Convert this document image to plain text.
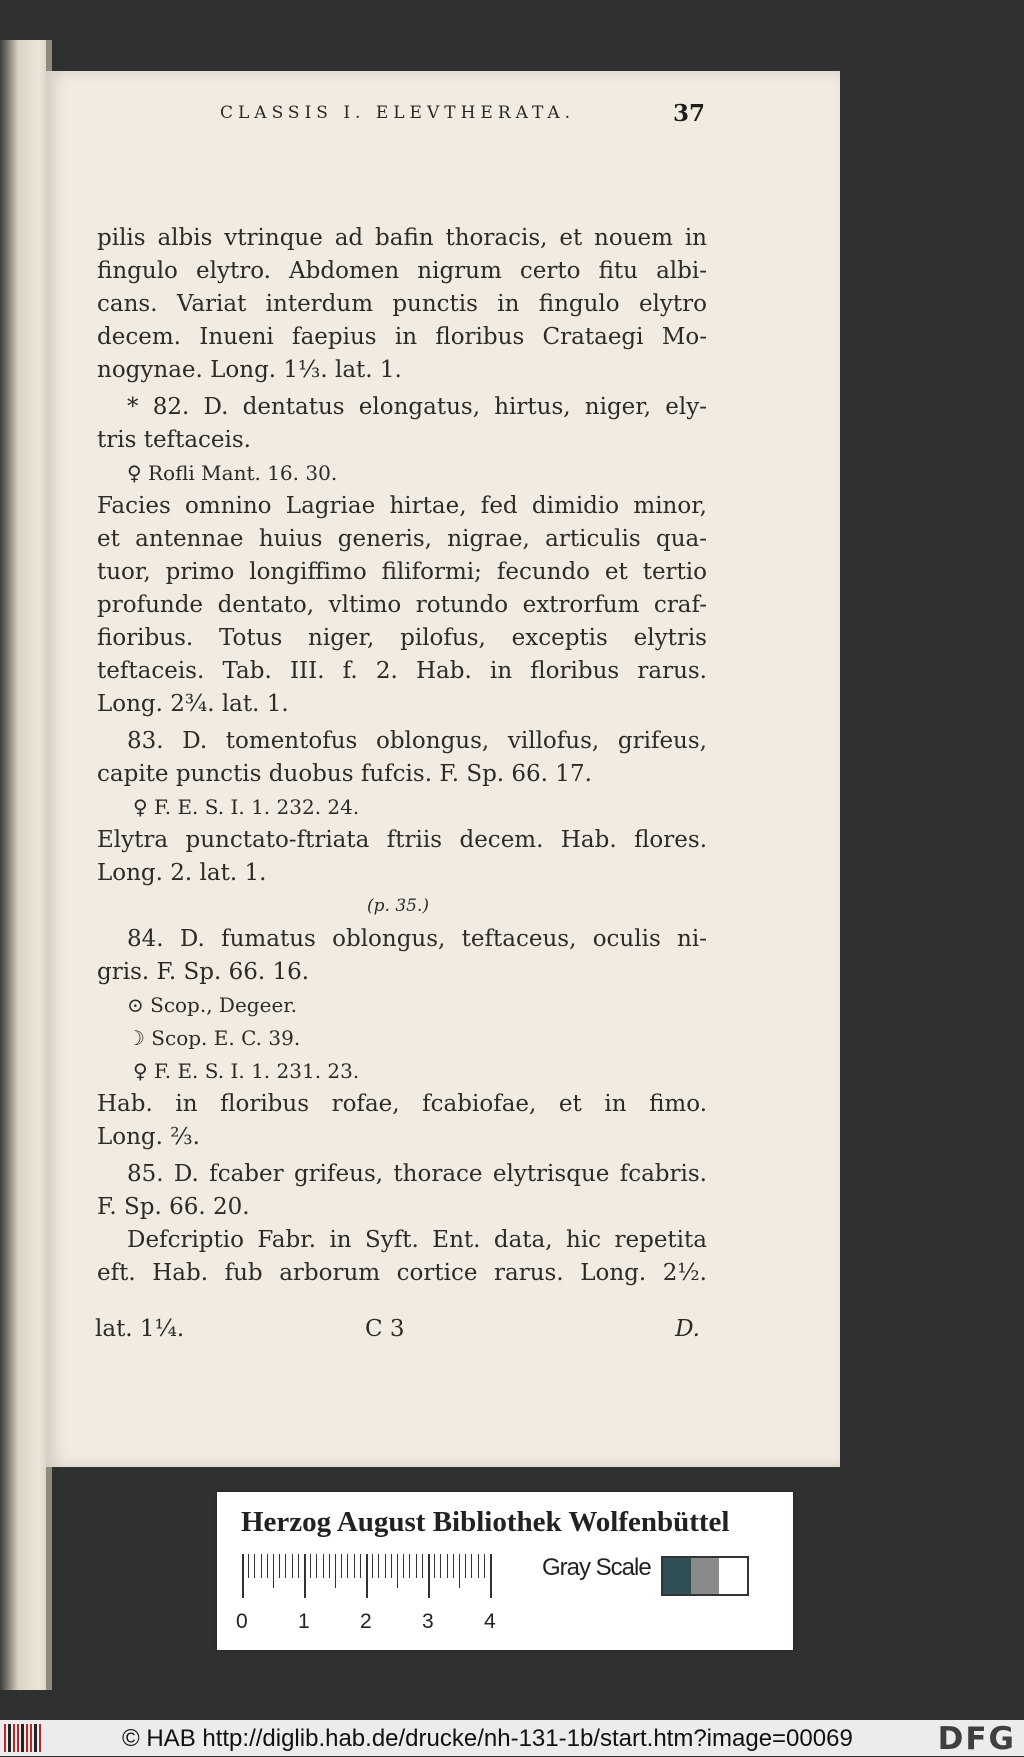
CLASSIS I. ELEVTHERATA.	37
pilis albis vtrinque ad bafin thoracis, et nouem in
fingulo elytro. Abdomen nigrum certo fitu albi-
cans. Variat interdum punctis in fingulo elytro
decem. Inueni faepius in floribus Crataegi Mo-
nogynae. Long. 1⅓. lat. 1.
* 82. D. dentatus elongatus, hirtus, niger, ely-
tris teftaceis.
♀ Rofli Mant. 16. 30.
Facies omnino Lagriae hirtae, fed dimidio minor,
et antennae huius generis, nigrae, articulis qua-
tuor, primo longiffimo filiformi; fecundo et tertio
profunde dentato, vltimo rotundo extrorfum craf-
fioribus. Totus niger, pilofus, exceptis elytris
teftaceis. Tab. III. f. 2. Hab. in floribus rarus.
Long. 2¾. lat. 1.
83. D. tomentofus oblongus, villofus, grifeus,
capite punctis duobus fufcis. F. Sp. 66. 17.
♀ F. E. S. I. 1. 232. 24.
Elytra punctato-ftriata ftriis decem. Hab. flores.
Long. 2. lat. 1.
(p. 35.)
84. D. fumatus oblongus, teftaceus, oculis ni-
gris. F. Sp. 66. 16.
⊙ Scop., Degeer.
☽ Scop. E. C. 39.
♀ F. E. S. I. 1. 231. 23.
Hab. in floribus rofae, fcabiofae, et in fimo.
Long. ⅔.
85. D. fcaber grifeus, thorace elytrisque fcabris.
F. Sp. 66. 20.
Defcriptio Fabr. in Syft. Ent. data, hic repetita
eft. Hab. fub arborum cortice rarus. Long. 2½.
lat. 1¼.	C 3	D.
Herzog August Bibliothek Wolfenbüttel
0 1 2 3 4
Gray Scale
© HAB http://diglib.hab.de/drucke/nh-131-1b/start.htm?image=00069	DFG
